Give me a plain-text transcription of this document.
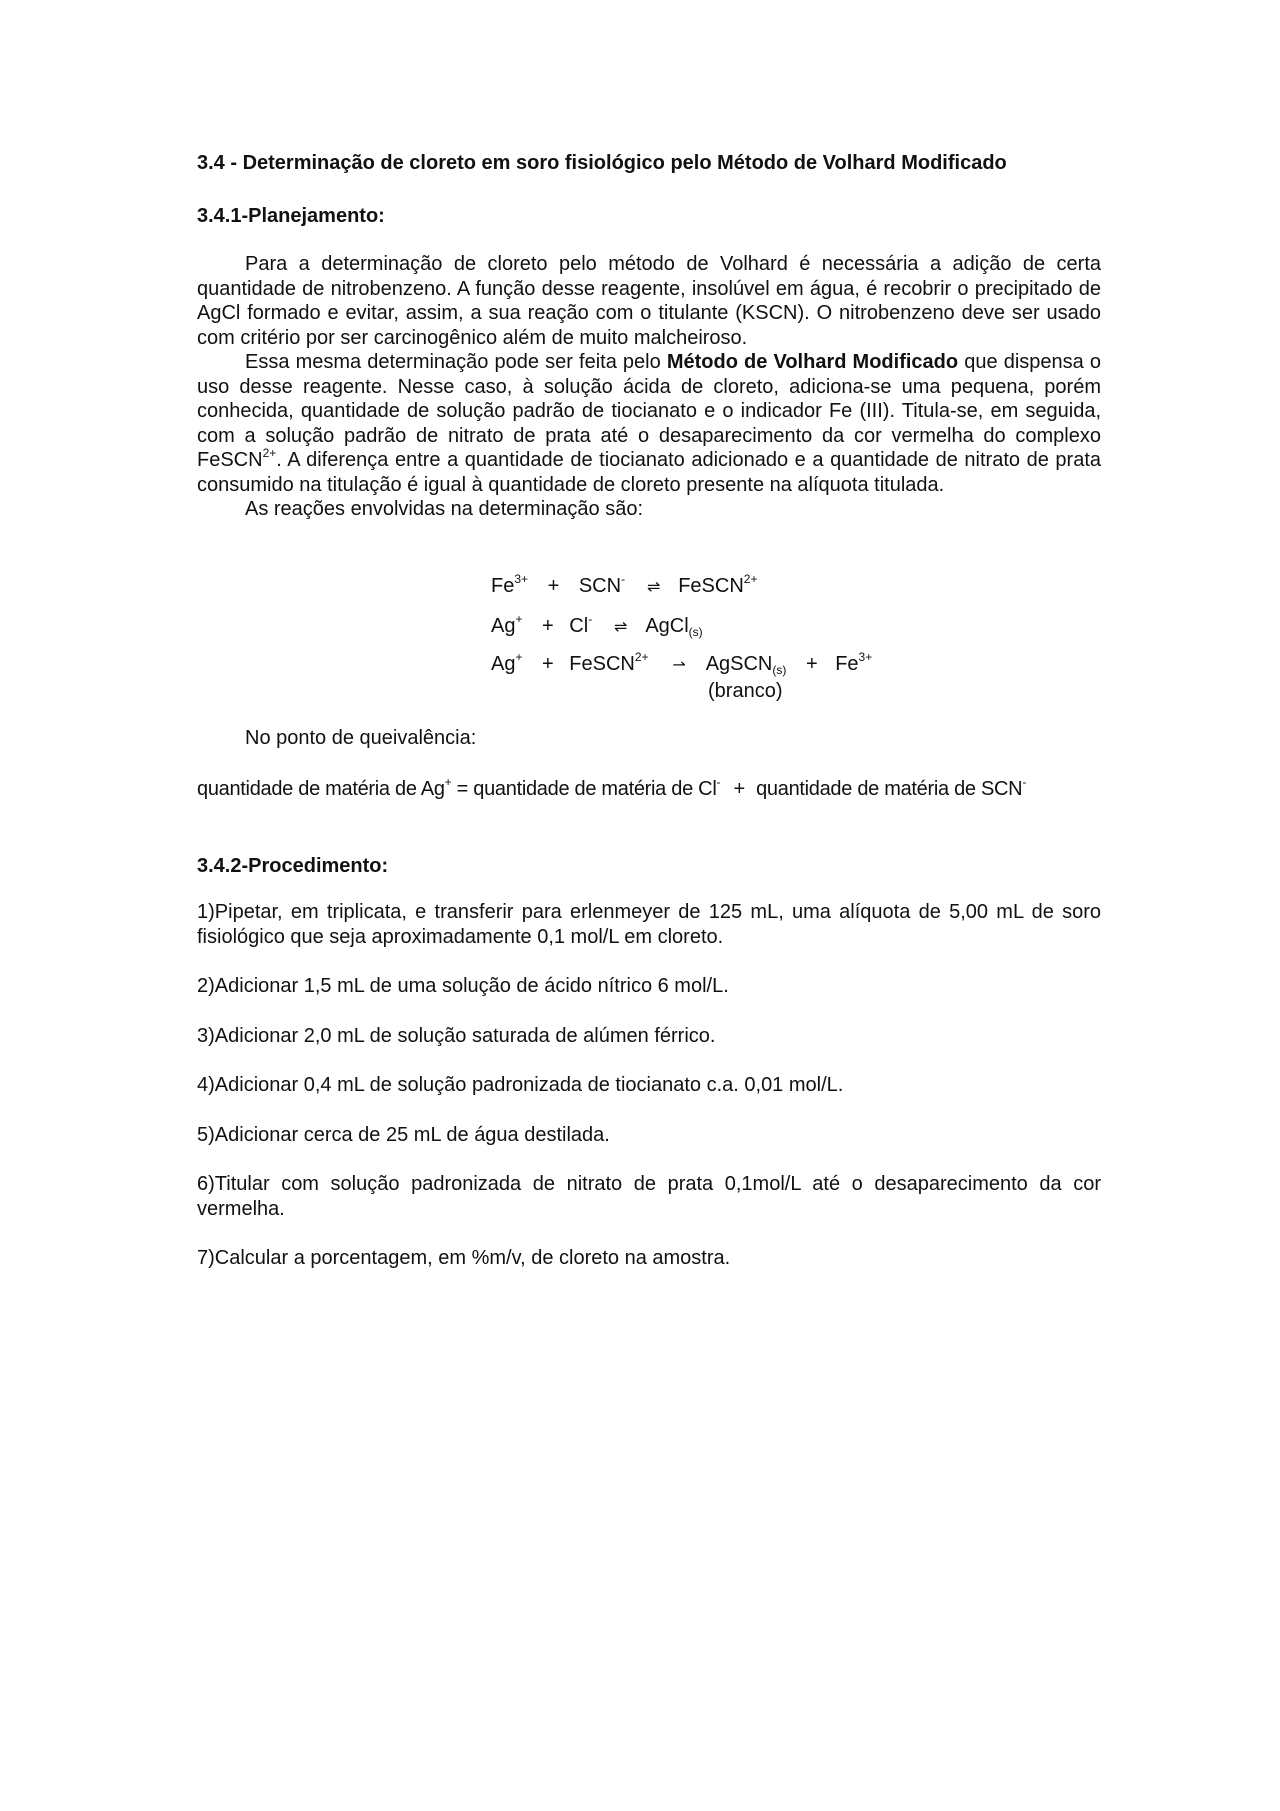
3.4 - Determinação de cloreto em soro fisiológico pelo Método de Volhard Modificado
3.4.1-Planejamento:

Para a determinação de cloreto pelo método de Volhard é necessária a adição de certa quantidade de nitrobenzeno. A função desse reagente, insolúvel em água, é recobrir o precipitado de AgCl formado e evitar, assim, a sua reação com o titulante (KSCN). O nitrobenzeno deve ser usado com critério por ser carcinogênico além de muito malcheiroso.

Essa mesma determinação pode ser feita pelo Método de Volhard Modificado que dispensa o uso desse reagente. Nesse caso, à solução ácida de cloreto, adiciona-se uma pequena, porém conhecida, quantidade de solução padrão de tiocianato e o indicador Fe (III). Titula-se, em seguida, com a solução padrão de nitrato de prata até o desaparecimento da cor vermelha do complexo FeSCN$^{2+}$. A diferença entre a quantidade de tiocianato adicionado e a quantidade de nitrato de prata consumido na titulação é igual à quantidade de cloreto presente na alíquota titulada.

As reações envolvidas na determinação são:

$Fe^{3+} + SCN^-$ ⇌ FeSCN$^{2+}$
Ag+ + Cl- ⇌ AgCl$_{(s)}$
Ag+ + FeSCN$^{2+}$ ⇀ AgSCN$_{(s)}$ + $Fe^{3+}$
(branco)
No ponto de queivalência:
quantidade de matéria de Ag+ = quantidade de matéria de Cl- + quantidade de matéria de SCN-
3.4.2-Procedimento:

1)Pipetar, em triplicata, e transferir para erlenmeyer de 125 mL, uma alíquota de 5,00 mL de soro fisiológico que seja aproximadamente 0,1 mol/L em cloreto.

2)Adicionar 1,5 mL de uma solução de ácido nítrico 6 mol/L.

3)Adicionar 2,0 mL de solução saturada de alúmen férrico.

4)Adicionar 0,4 mL de solução padronizada de tiocianato c.a. 0,01 mol/L.

5)Adicionar cerca de 25 mL de água destilada.

6)Titular com solução padronizada de nitrato de prata 0,1mol/L até o desaparecimento da cor vermelha.

7)Calcular a porcentagem, em %m/v, de cloreto na amostra.
